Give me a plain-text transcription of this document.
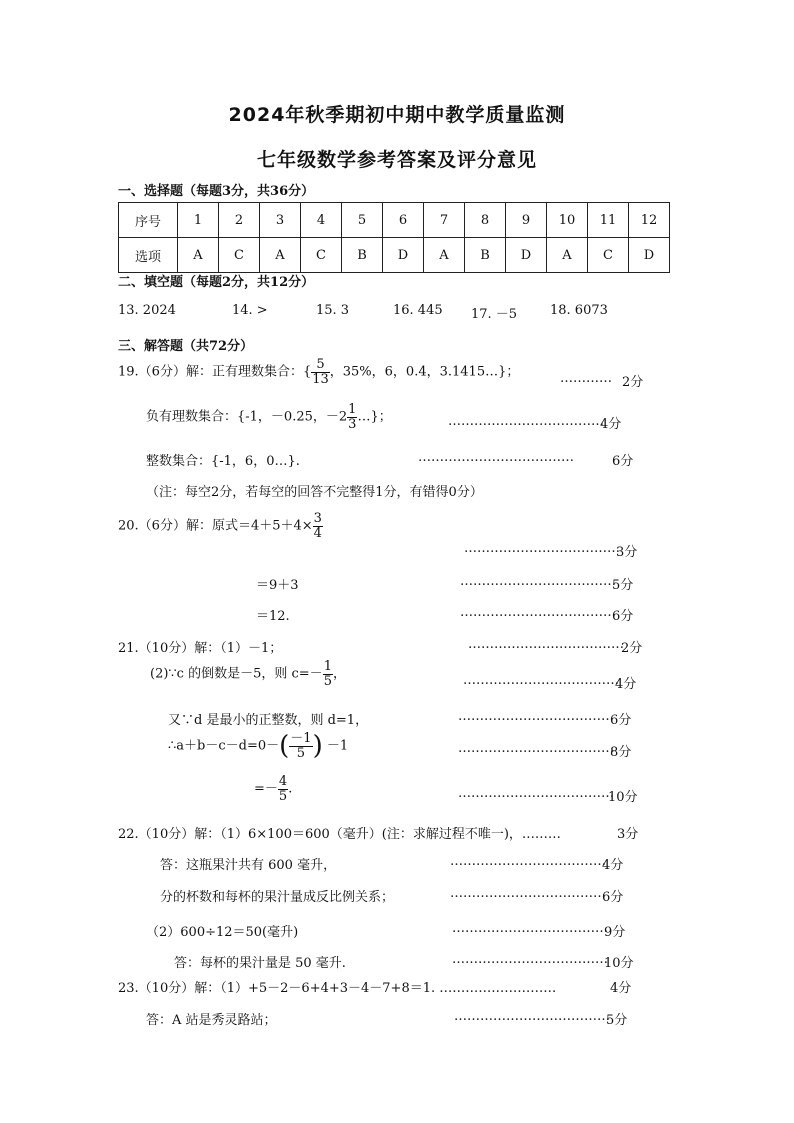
2024年秋季期初中期中教学质量监测
七年级数学参考答案及评分意见
一、选择题（每题3分，共36分）
序号	1	2	3	4	5	6	7	8	9	10	11	12
选项	A	C	A	C	B	D	A	B	D	A	C	D
二、填空题（每题2分，共12分）
13. 2024	14. >	15. 3	16. 445 17. －5	18. 6073
三、解答题（共72分）
19.（6分）解：正有理数集合：{ $\frac{5}{13}$ ，35%，6，0.4̇，3.1415…}；	………… 2分
负有理数集合：{-1，－0.25，$-2 \frac{1}{3}$ …}；	………………………………
4分
整数集合：{-1，6，0…}.	………………………………	6分
（注：每空2分，若每空的回答不完整得1分，有错得0分）
20.（6分）解：原式$=4+5+4\times \frac{3}{4}$
………………………………
3分
＝9＋3	………………………………
5分
＝12.	………………………………
6分
21.（10分）解：（1）－1；	………………………………
2分
(2)∵c 的倒数是－5，则 $c=- \frac{1}{5}$ ，	………………………………
4分
又∵d 是最小的正整数，则 d=1，	………………………………
6分
∴a＋b－c－d=0－( $\frac{-1}{5}$ ) －1	………………………………
8分
=－ $\frac{4}{5}$ .	………………………………
10分
22.（10分）解：（1）6×100＝600（毫升）(注：求解过程不唯一)，………	3分
答：这瓶果汁共有 600 毫升，	………………………………
4分
分的杯数和每杯的果汁量成反比例关系；	………………………………
6分
（2）600÷12＝50(毫升)	………………………………
9分
答：每杯的果汁量是 50 毫升.	………………………………
10分
23.（10分）解：（1）+5－2－6+4+3－4－7+8＝1. ………………………	4分
答：A 站是秀灵路站；	………………………………
5分
